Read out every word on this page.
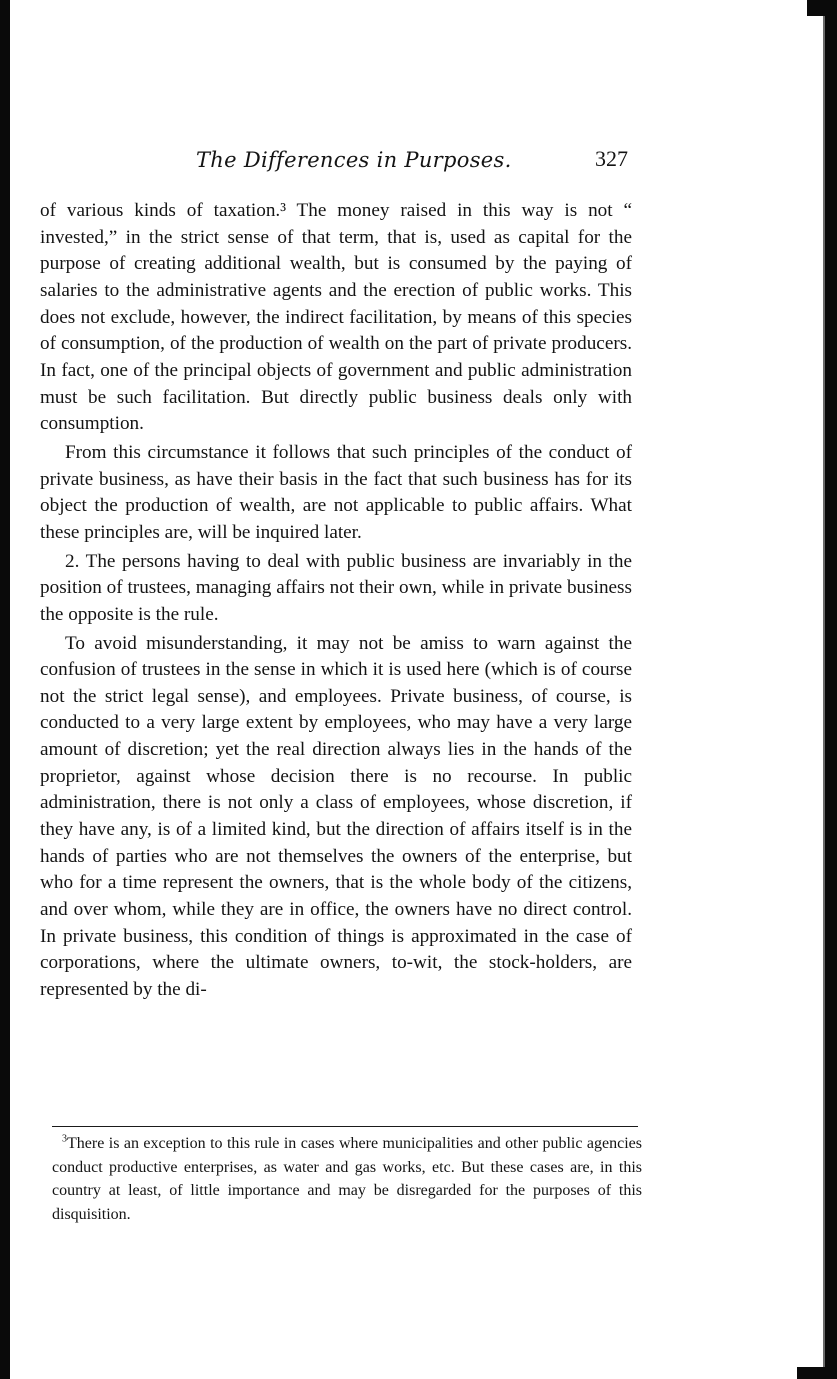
The Differences in Purposes.	327

of various kinds of taxation.³ The money raised in this way is not “ invested,” in the strict sense of that term, that is, used as capital for the purpose of creating additional wealth, but is consumed by the paying of salaries to the administrative agents and the erection of public works. This does not exclude, however, the indirect facilitation, by means of this species of consumption, of the production of wealth on the part of private producers. In fact, one of the principal objects of government and public administration must be such facilitation. But directly public business deals only with consumption.

From this circumstance it follows that such principles of the conduct of private business, as have their basis in the fact that such business has for its object the production of wealth, are not applicable to public affairs. What these principles are, will be inquired later.

2. The persons having to deal with public business are invariably in the position of trustees, managing affairs not their own, while in private business the opposite is the rule.

To avoid misunderstanding, it may not be amiss to warn against the confusion of trustees in the sense in which it is used here (which is of course not the strict legal sense), and employees. Private business, of course, is conducted to a very large extent by employees, who may have a very large amount of discretion; yet the real direction always lies in the hands of the proprietor, against whose decision there is no recourse. In public administration, there is not only a class of employees, whose discretion, if they have any, is of a limited kind, but the direction of affairs itself is in the hands of parties who are not themselves the owners of the enterprise, but who for a time represent the owners, that is the whole body of the citizens, and over whom, while they are in office, the owners have no direct control. In private business, this condition of things is approximated in the case of corporations, where the ultimate owners, to-wit, the stock-holders, are represented by the di-

$^3$There is an exception to this rule in cases where municipalities and other public agencies conduct productive enterprises, as water and gas works, etc. But these cases are, in this country at least, of little importance and may be disregarded for the purposes of this disquisition.
